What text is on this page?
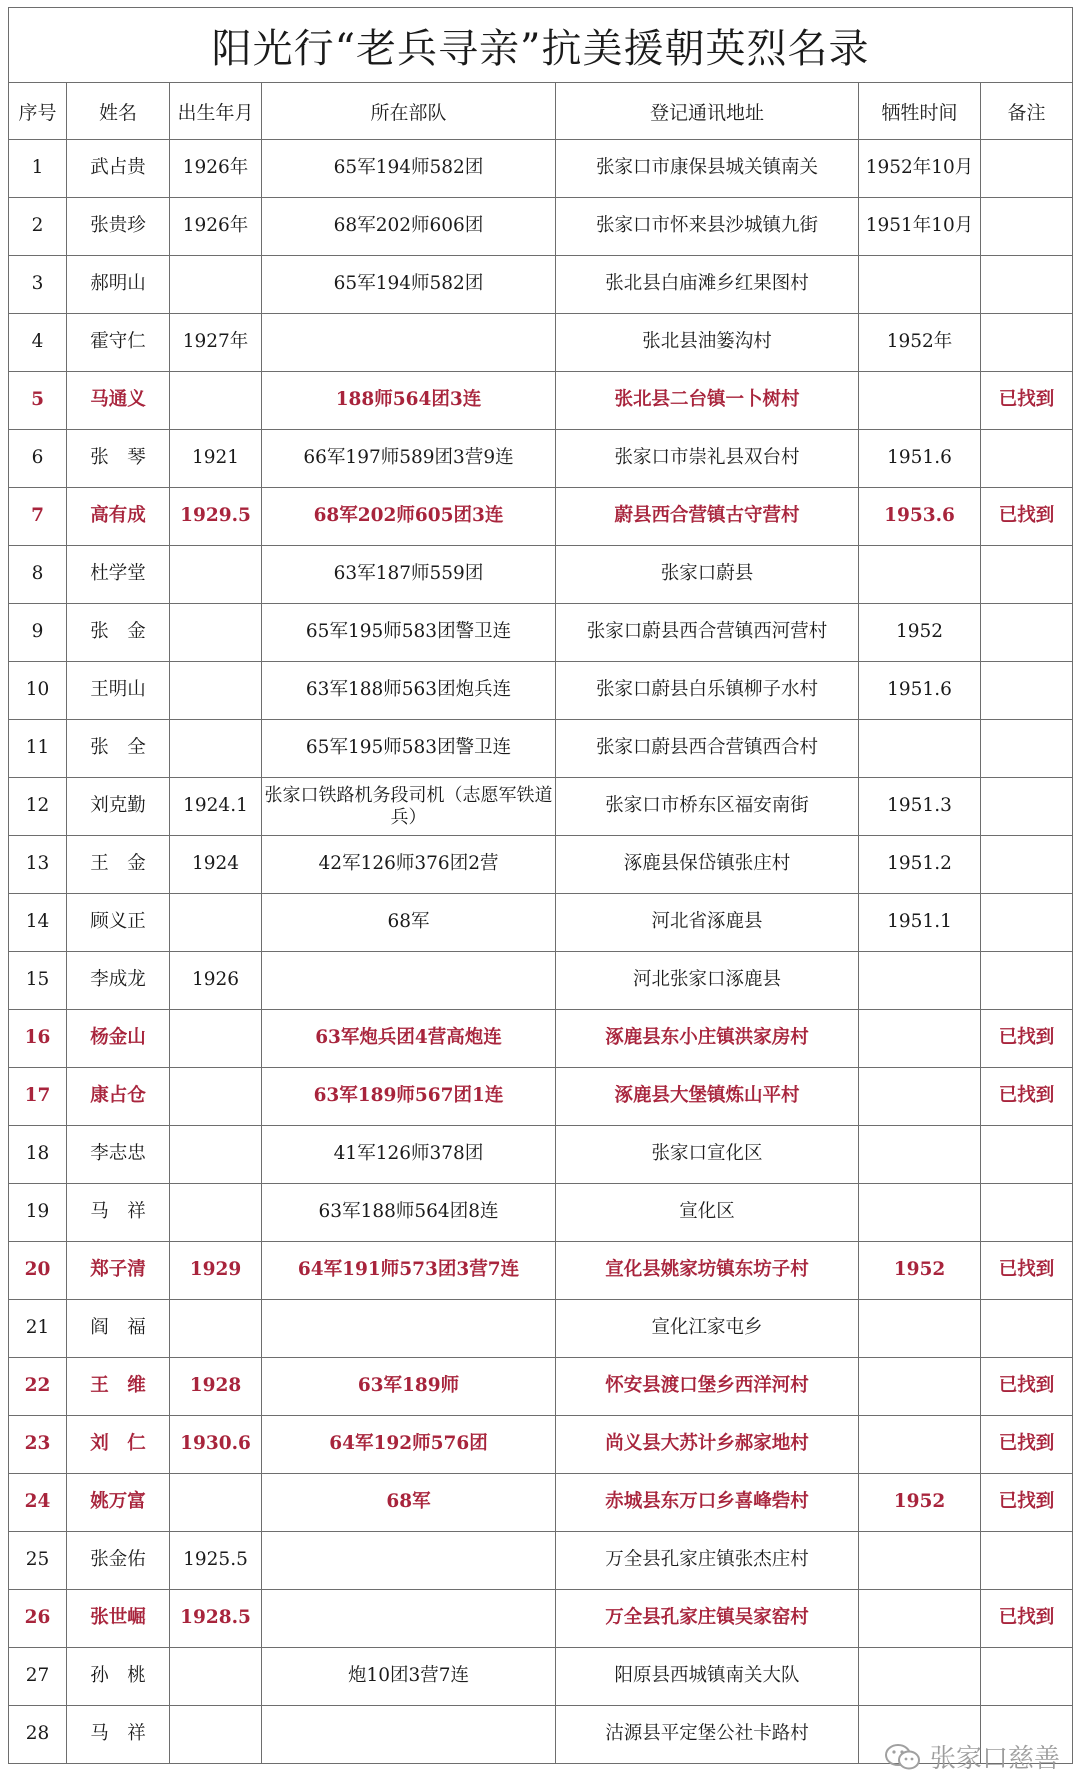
阳光行“老兵寻亲”抗美援朝英烈名录						
序号	姓名	出生年月	所在部队	登记通讯地址	牺牲时间	备注
1	武占贵	1926年	65军194师582团	张家口市康保县城关镇南关	1952年10月	
2	张贵珍	1926年	68军202师606团	张家口市怀来县沙城镇九街	1951年10月	
3	郝明山		65军194师582团	张北县白庙滩乡红果图村		
4	霍守仁	1927年		张北县油篓沟村	1952年	
5	马通义		188师564团3连	张北县二台镇一卜树村		已找到
6	张　琴	1921	66军197师589团3营9连	张家口市崇礼县双台村	1951.6	
7	高有成	1929.5	68军202师605团3连	蔚县西合营镇古守营村	1953.6	已找到
8	杜学堂		63军187师559团	张家口蔚县		
9	张　金		65军195师583团警卫连	张家口蔚县西合营镇西河营村	1952	
10	王明山		63军188师563团炮兵连	张家口蔚县白乐镇柳子水村	1951.6	
11	张　全		65军195师583团警卫连	张家口蔚县西合营镇西合村		
12	刘克勤	1924.1	张家口铁路机务段司机（志愿军铁道兵）	张家口市桥东区福安南街	1951.3	
13	王　金	1924	42军126师376团2营	涿鹿县保岱镇张庄村	1951.2	
14	顾义正		68军	河北省涿鹿县	1951.1	
15	李成龙	1926		河北张家口涿鹿县		
16	杨金山		63军炮兵团4营高炮连	涿鹿县东小庄镇洪家房村		已找到
17	康占仓		63军189师567团1连	涿鹿县大堡镇炼山平村		已找到
18	李志忠		41军126师378团	张家口宣化区		
19	马　祥		63军188师564团8连	宣化区		
20	郑子清	1929	64军191师573团3营7连	宣化县姚家坊镇东坊子村	1952	已找到
21	阎　福			宣化江家屯乡		
22	王　维	1928	63军189师	怀安县渡口堡乡西洋河村		已找到
23	刘　仁	1930.6	64军192师576团	尚义县大苏计乡郝家地村		已找到
24	姚万富		68军	赤城县东万口乡喜峰砦村	1952	已找到
25	张金佑	1925.5		万全县孔家庄镇张杰庄村		
26	张世崛	1928.5		万全县孔家庄镇吴家窑村		已找到
27	孙　桃		炮10团3营7连	阳原县西城镇南关大队		
28	马　祥			沽源县平定堡公社卡路村		
张家口慈善
